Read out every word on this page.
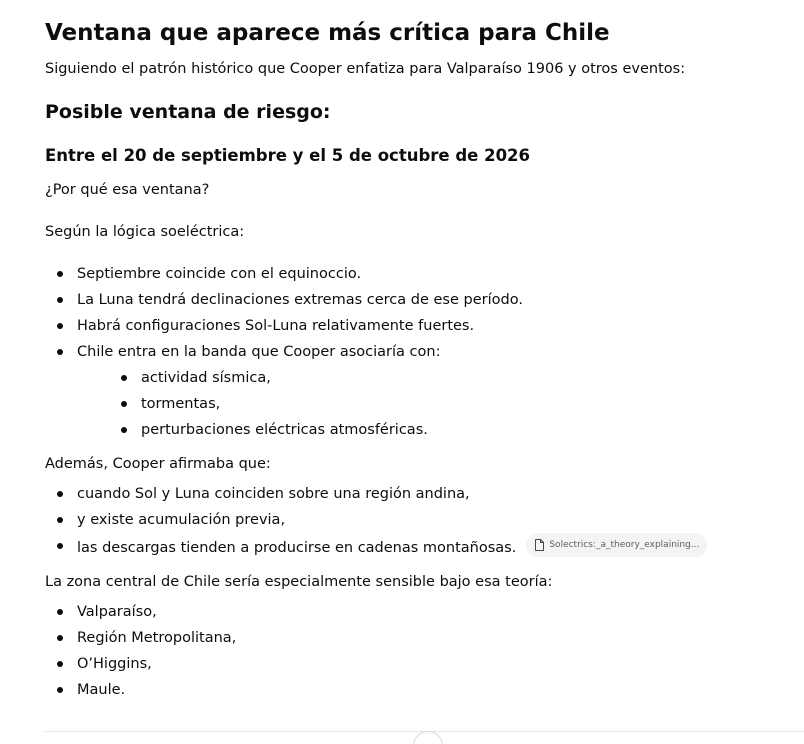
Ventana que aparece más crítica para Chile

Siguiendo el patrón histórico que Cooper enfatiza para Valparaíso 1906 y otros eventos:

Posible ventana de riesgo:
Entre el 20 de septiembre y el 5 de octubre de 2026

¿Por qué esa ventana?

Según la lógica soeléctrica:

Septiembre coincide con el equinoccio.
La Luna tendrá declinaciones extremas cerca de ese período.
Habrá configuraciones Sol-Luna relativamente fuertes.
Chile entra en la banda que Cooper asociaría con:
actividad sísmica,
tormentas,
perturbaciones eléctricas atmosféricas.

Además, Cooper afirmaba que:

cuando Sol y Luna coinciden sobre una región andina,
y existe acumulación previa,
las descargas tienden a producirse en cadenas montañosas.	Solectrics:_a_theory_explaining...

La zona central de Chile sería especialmente sensible bajo esa teoría:

Valparaíso,
Región Metropolitana,
O’Higgins,
Maule.
